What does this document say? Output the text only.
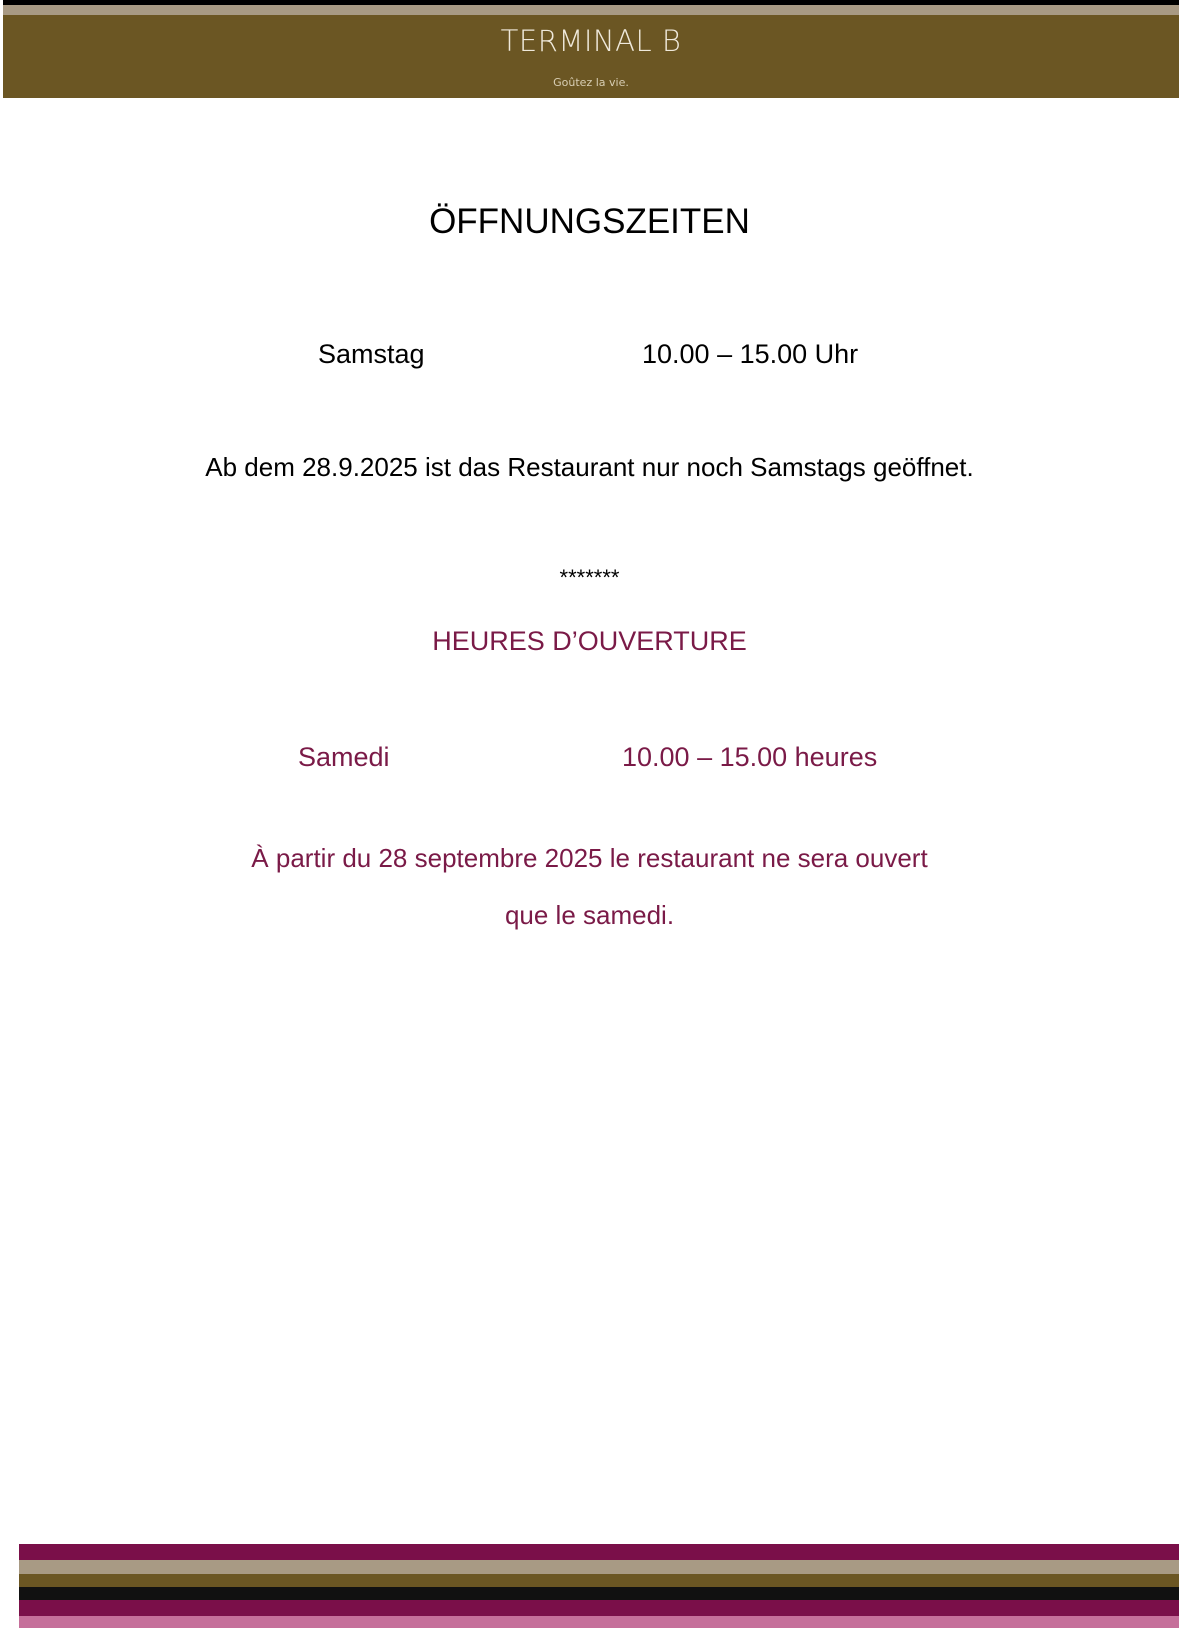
TERMINAL B
Goûtez la vie.
ÖFFNUNGSZEITEN
Samstag	10.00 – 15.00 Uhr
Ab dem 28.9.2025 ist das Restaurant nur noch Samstags geöffnet.
*******
HEURES D’OUVERTURE
Samedi	10.00 – 15.00 heures
À partir du 28 septembre 2025 le restaurant ne sera ouvert
que le samedi.
